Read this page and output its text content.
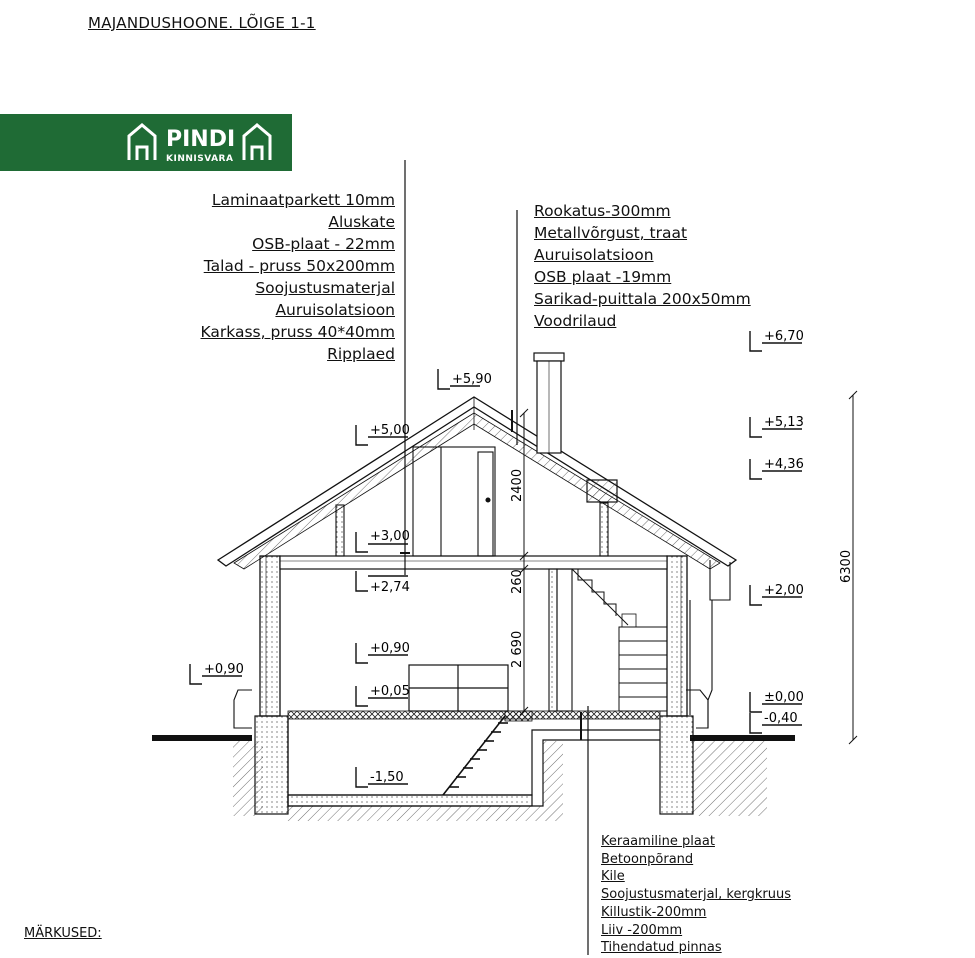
MAJANDUSHOONE. LÕIGE 1-1
PINDI
KINNISVARA
2400
260
2 690
6300
+5,00
+3,00
+2,74
+0,90
+0,05
-1,50
+0,90
+5,90
+6,70
+5,13
+4,36
+2,00
±0,00
-0,40
Laminaatparkett 10mm
Aluskate
OSB-plaat - 22mm
Talad - pruss 50x200mm
Soojustusmaterjal
Auruisolatsioon
Karkass, pruss 40*40mm
Ripplaed
Rookatus-300mm
Metallvõrgust, traat
Auruisolatsioon
OSB plaat -19mm
Sarikad-puittala 200x50mm
Voodrilaud
Keraamiline plaat
Betoonpõrand
Kile
Soojustusmaterjal, kergkruus
Killustik-200mm
Liiv -200mm
Tihendatud pinnas
MÄRKUSED:
